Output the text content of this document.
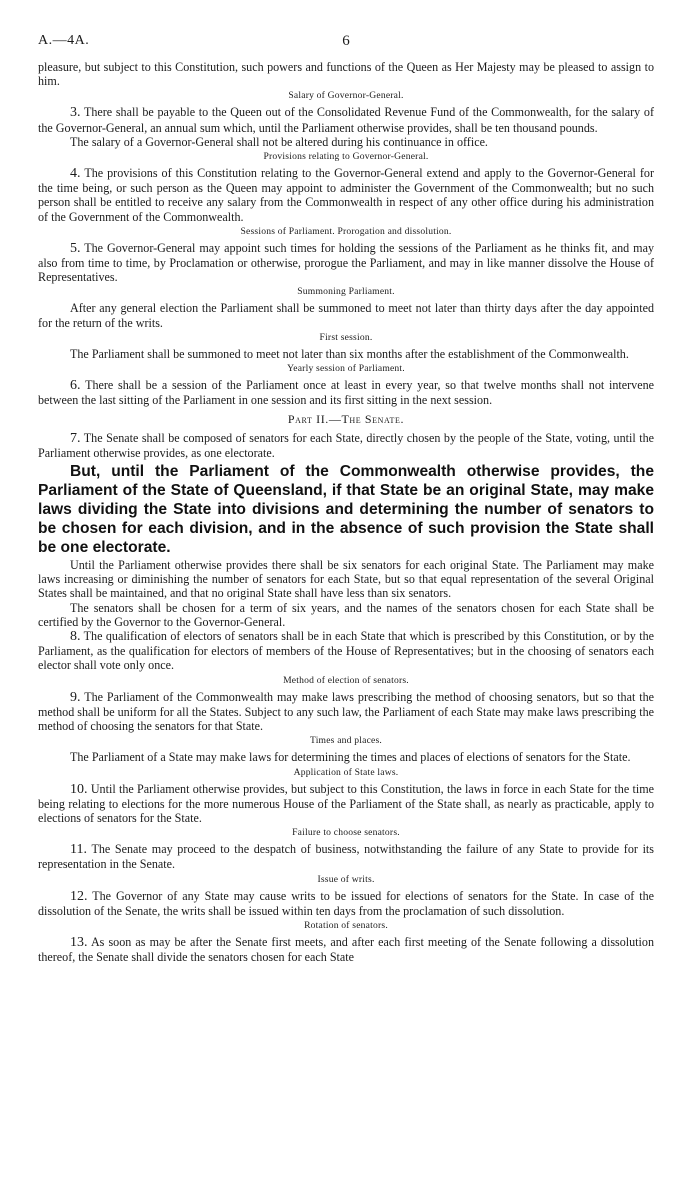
A.—4A.	6

pleasure, but subject to this Constitution, such powers and functions of the Queen as Her Majesty may be pleased to assign to him.

Salary of Governor-General.

3. There shall be payable to the Queen out of the Consolidated Revenue Fund of the Commonwealth, for the salary of the Governor-General, an annual sum which, until the Parliament otherwise provides, shall be ten thousand pounds.

The salary of a Governor-General shall not be altered during his continuance in office.

Provisions relating to Governor-General.

4. The provisions of this Constitution relating to the Governor-General extend and apply to the Governor-General for the time being, or such person as the Queen may appoint to administer the Government of the Commonwealth; but no such person shall be entitled to receive any salary from the Commonwealth in respect of any other office during his administration of the Government of the Commonwealth.

Sessions of Parliament. Prorogation and dissolution.

5. The Governor-General may appoint such times for holding the sessions of the Parliament as he thinks fit, and may also from time to time, by Proclamation or otherwise, prorogue the Parliament, and may in like manner dissolve the House of Representatives.

Summoning Parliament.

After any general election the Parliament shall be summoned to meet not later than thirty days after the day appointed for the return of the writs.

First session.

The Parliament shall be summoned to meet not later than six months after the establishment of the Commonwealth.

Yearly session of Parliament.

6. There shall be a session of the Parliament once at least in every year, so that twelve months shall not intervene between the last sitting of the Parliament in one session and its first sitting in the next session.

Part II.—The Senate.

7. The Senate shall be composed of senators for each State, directly chosen by the people of the State, voting, until the Parliament otherwise provides, as one electorate.

But, until the Parliament of the Commonwealth otherwise provides, the Parliament of the State of Queensland, if that State be an original State, may make laws dividing the State into divisions and determining the number of senators to be chosen for each division, and in the absence of such provision the State shall be one electorate.

Until the Parliament otherwise provides there shall be six senators for each original State. The Parliament may make laws increasing or diminishing the number of senators for each State, but so that equal representation of the several Original States shall be maintained, and that no original State shall have less than six senators.

The senators shall be chosen for a term of six years, and the names of the senators chosen for each State shall be certified by the Governor to the Governor-General.

8. The qualification of electors of senators shall be in each State that which is prescribed by this Constitution, or by the Parliament, as the qualification for electors of members of the House of Representatives; but in the choosing of senators each elector shall vote only once.

Method of election of senators.

9. The Parliament of the Commonwealth may make laws prescribing the method of choosing senators, but so that the method shall be uniform for all the States. Subject to any such law, the Parliament of each State may make laws prescribing the method of choosing the senators for that State.

Times and places.

The Parliament of a State may make laws for determining the times and places of elections of senators for the State.

Application of State laws.

10. Until the Parliament otherwise provides, but subject to this Constitution, the laws in force in each State for the time being relating to elections for the more numerous House of the Parliament of the State shall, as nearly as practicable, apply to elections of senators for the State.

Failure to choose senators.

11. The Senate may proceed to the despatch of business, notwithstanding the failure of any State to provide for its representation in the Senate.

Issue of writs.

12. The Governor of any State may cause writs to be issued for elections of senators for the State. In case of the dissolution of the Senate, the writs shall be issued within ten days from the proclamation of such dissolution.

Rotation of senators.

13. As soon as may be after the Senate first meets, and after each first meeting of the Senate following a dissolution thereof, the Senate shall divide the senators chosen for each State
